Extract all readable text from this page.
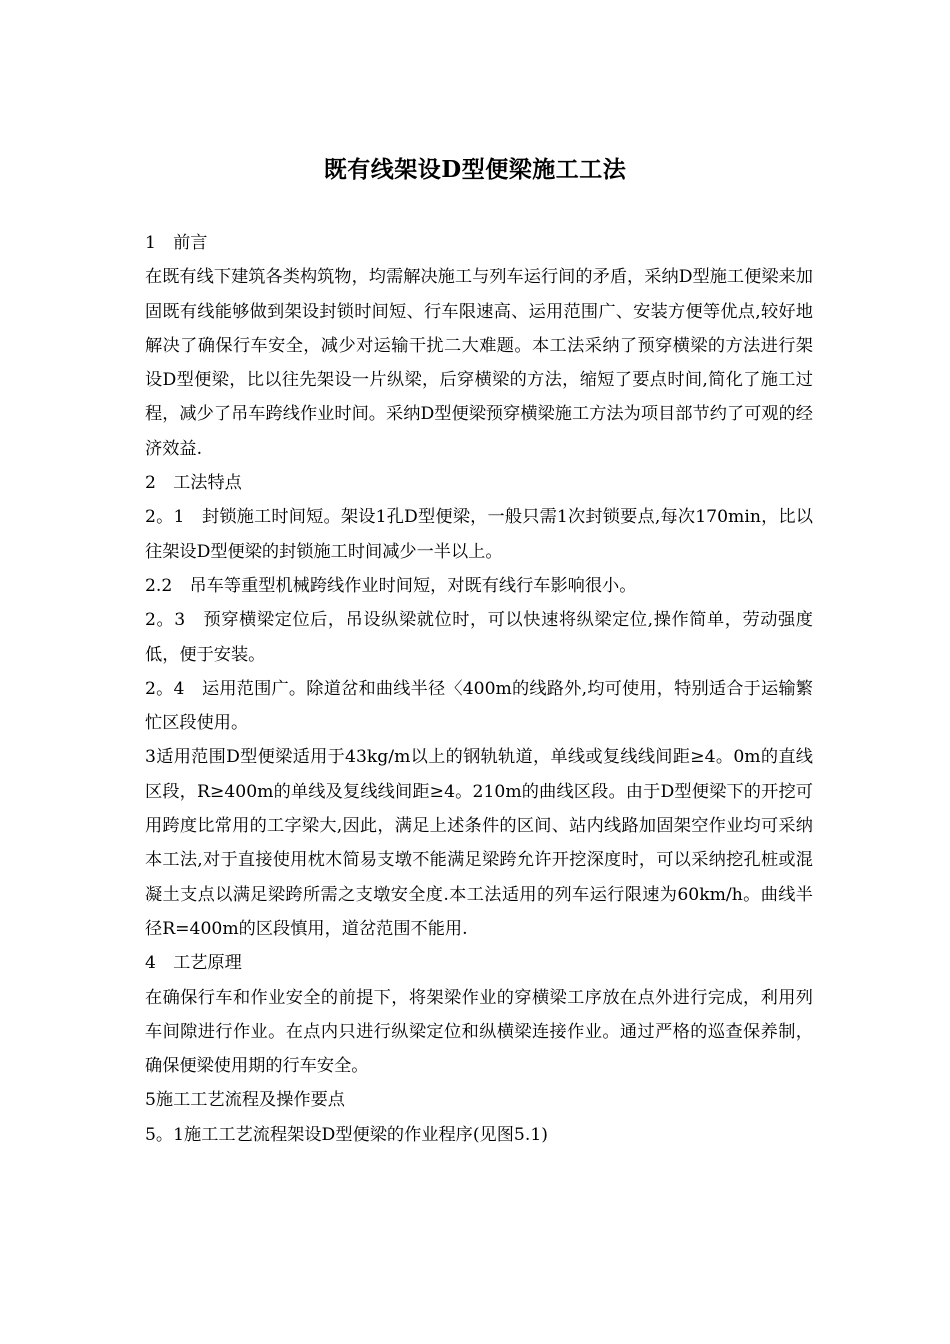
既有线架设D型便梁施工工法

1　前言

在既有线下建筑各类构筑物，均需解决施工与列车运行间的矛盾，采纳D型施工便梁来加固既有线能够做到架设封锁时间短、行车限速高、运用范围广、安装方便等优点,较好地解决了确保行车安全，减少对运输干扰二大难题。本工法采纳了预穿横梁的方法进行架设D型便梁，比以往先架设一片纵梁，后穿横梁的方法，缩短了要点时间,简化了施工过程，减少了吊车跨线作业时间。采纳D型便梁预穿横梁施工方法为项目部节约了可观的经济效益.

2　工法特点

2。1　封锁施工时间短。架设1孔D型便梁，一般只需1次封锁要点,每次170min，比以往架设D型便梁的封锁施工时间减少一半以上。

2.2　吊车等重型机械跨线作业时间短，对既有线行车影响很小。

2。3　预穿横梁定位后，吊设纵梁就位时，可以快速将纵梁定位,操作简单，劳动强度低，便于安装。

2。4　运用范围广。除道岔和曲线半径〈400m的线路外,均可使用，特别适合于运输繁忙区段使用。

3适用范围D型便梁适用于43kg/m以上的钢轨轨道，单线或复线线间距≥4。0m的直线区段，R≥400m的单线及复线线间距≥4。210m的曲线区段。由于D型便梁下的开挖可用跨度比常用的工字梁大,因此，满足上述条件的区间、站内线路加固架空作业均可采纳本工法,对于直接使用枕木简易支墩不能满足梁跨允许开挖深度时，可以采纳挖孔桩或混凝土支点以满足梁跨所需之支墩安全度.本工法适用的列车运行限速为60km/h。曲线半径R=400m的区段慎用，道岔范围不能用.

4　工艺原理

在确保行车和作业安全的前提下，将架梁作业的穿横梁工序放在点外进行完成，利用列车间隙进行作业。在点内只进行纵梁定位和纵横梁连接作业。通过严格的巡查保养制，确保便梁使用期的行车安全。

5施工工艺流程及操作要点

5。1施工工艺流程架设D型便梁的作业程序(见图5.1)
